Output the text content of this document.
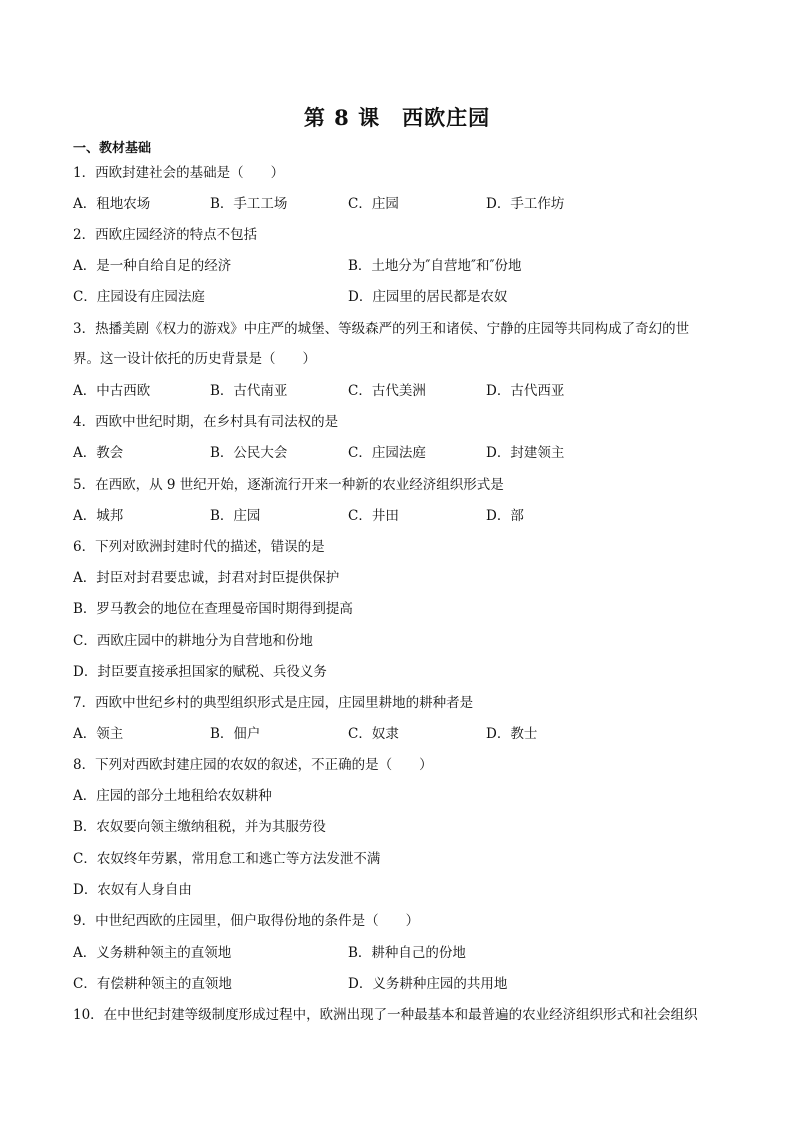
第 8 课　西欧庄园
一、教材基础
1．西欧封建社会的基础是（　　）
A．租地农场	B．手工工场	C．庄园	D．手工作坊
2．西欧庄园经济的特点不包括
A．是一种自给自足的经济	B．土地分为″自营地″和″份地
C．庄园设有庄园法庭	D．庄园里的居民都是农奴
3．热播美剧《权力的游戏》中庄严的城堡、等级森严的列王和诸侯、宁静的庄园等共同构成了奇幻的世
界。这一设计依托的历史背景是（　　）
A．中古西欧	B．古代南亚	C．古代美洲	D．古代西亚
4．西欧中世纪时期，在乡村具有司法权的是
A．教会	B．公民大会	C．庄园法庭	D．封建领主
5．在西欧，从 9 世纪开始，逐渐流行开来一种新的农业经济组织形式是
A．城邦	B．庄园	C．井田	D．部
6．下列对欧洲封建时代的描述，错误的是
A．封臣对封君要忠诚，封君对封臣提供保护
B．罗马教会的地位在查理曼帝国时期得到提高
C．西欧庄园中的耕地分为自营地和份地
D．封臣要直接承担国家的赋税、兵役义务
7．西欧中世纪乡村的典型组织形式是庄园，庄园里耕地的耕种者是
A．领主	B．佃户	C．奴隶	D．教士
8．下列对西欧封建庄园的农奴的叙述，不正确的是（　　）
A．庄园的部分土地租给农奴耕种
B．农奴要向领主缴纳租税，并为其服劳役
C．农奴终年劳累，常用怠工和逃亡等方法发泄不满
D．农奴有人身自由
9．中世纪西欧的庄园里，佃户取得份地的条件是（　　）
A．义务耕种领主的直领地	B．耕种自己的份地
C．有偿耕种领主的直领地	D．义务耕种庄园的共用地
10．在中世纪封建等级制度形成过程中，欧洲出现了一种最基本和最普遍的农业经济组织形式和社会组织
